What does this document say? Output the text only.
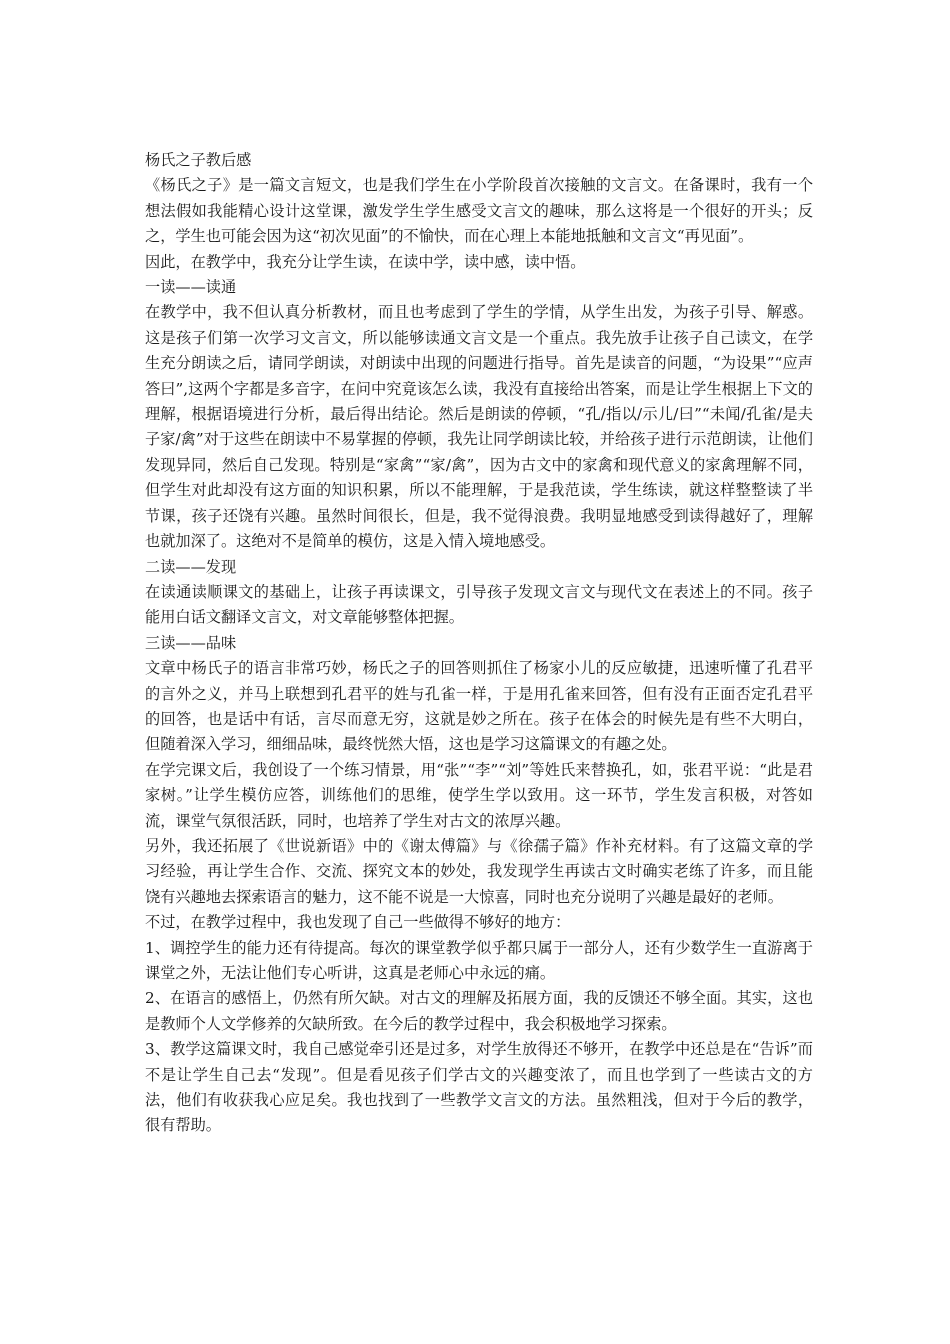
杨氏之子教后感

《杨氏之子》是一篇文言短文，也是我们学生在小学阶段首次接触的文言文。在备课时，我有一个想法假如我能精心设计这堂课，激发学生学生感受文言文的趣味，那么这将是一个很好的开头；反之，学生也可能会因为这“初次见面”的不愉快，而在心理上本能地抵触和文言文“再见面”。

因此，在教学中，我充分让学生读，在读中学，读中感，读中悟。

一读——读通

在教学中，我不但认真分析教材，而且也考虑到了学生的学情，从学生出发，为孩子引导、解惑。这是孩子们第一次学习文言文，所以能够读通文言文是一个重点。我先放手让孩子自己读文，在学生充分朗读之后，请同学朗读，对朗读中出现的问题进行指导。首先是读音的问题，“为设果”“应声答曰”,这两个字都是多音字，在问中究竟该怎么读，我没有直接给出答案，而是让学生根据上下文的理解，根据语境进行分析，最后得出结论。然后是朗读的停顿，“孔/指以/示儿/曰”“未闻/孔雀/是夫子家/禽”对于这些在朗读中不易掌握的停顿，我先让同学朗读比较，并给孩子进行示范朗读，让他们发现异同，然后自己发现。特别是“家禽”“家/禽”，因为古文中的家禽和现代意义的家禽理解不同，但学生对此却没有这方面的知识积累，所以不能理解，于是我范读，学生练读，就这样整整读了半节课，孩子还饶有兴趣。虽然时间很长，但是，我不觉得浪费。我明显地感受到读得越好了，理解也就加深了。这绝对不是简单的模仿，这是入情入境地感受。

二读——发现

在读通读顺课文的基础上，让孩子再读课文，引导孩子发现文言文与现代文在表述上的不同。孩子能用白话文翻译文言文，对文章能够整体把握。

三读——品味

文章中杨氏子的语言非常巧妙，杨氏之子的回答则抓住了杨家小儿的反应敏捷，迅速听懂了孔君平的言外之义，并马上联想到孔君平的姓与孔雀一样，于是用孔雀来回答，但有没有正面否定孔君平的回答，也是话中有话，言尽而意无穷，这就是妙之所在。孩子在体会的时候先是有些不大明白，但随着深入学习，细细品味，最终恍然大悟，这也是学习这篇课文的有趣之处。

在学完课文后，我创设了一个练习情景，用“张”“李”“刘”等姓氏来替换孔，如，张君平说：“此是君家树。”让学生模仿应答，训练他们的思维，使学生学以致用。这一环节，学生发言积极，对答如流，课堂气氛很活跃，同时，也培养了学生对古文的浓厚兴趣。

另外，我还拓展了《世说新语》中的《谢太傅篇》与《徐孺子篇》作补充材料。有了这篇文章的学习经验，再让学生合作、交流、探究文本的妙处，我发现学生再读古文时确实老练了许多，而且能饶有兴趣地去探索语言的魅力，这不能不说是一大惊喜，同时也充分说明了兴趣是最好的老师。

不过，在教学过程中，我也发现了自己一些做得不够好的地方：

1、调控学生的能力还有待提高。每次的课堂教学似乎都只属于一部分人，还有少数学生一直游离于课堂之外，无法让他们专心听讲，这真是老师心中永远的痛。

2、在语言的感悟上，仍然有所欠缺。对古文的理解及拓展方面，我的反馈还不够全面。其实，这也是教师个人文学修养的欠缺所致。在今后的教学过程中，我会积极地学习探索。

3、教学这篇课文时，我自己感觉牵引还是过多，对学生放得还不够开，在教学中还总是在“告诉”而不是让学生自己去“发现”。但是看见孩子们学古文的兴趣变浓了，而且也学到了一些读古文的方法，他们有收获我心应足矣。我也找到了一些教学文言文的方法。虽然粗浅，但对于今后的教学，很有帮助。
